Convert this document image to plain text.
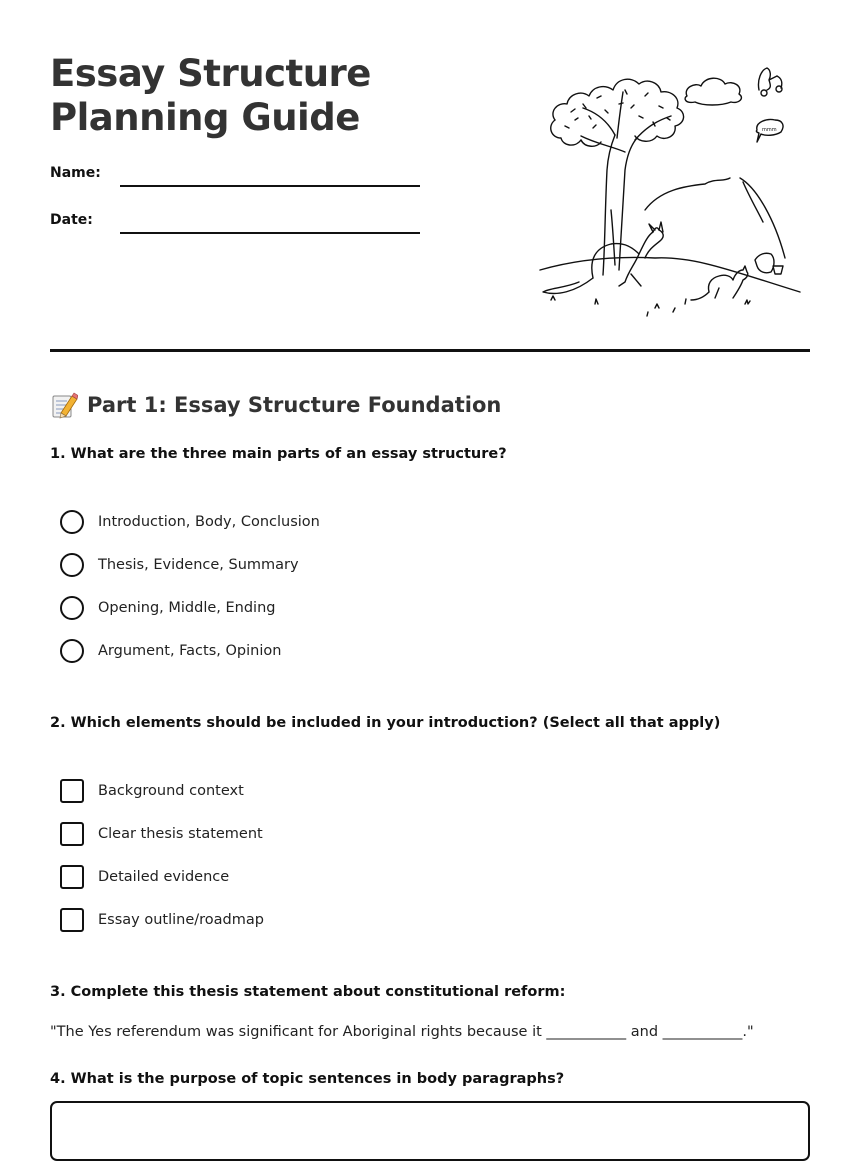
Essay Structure
Planning Guide
Name:
Date:
mmm
Part 1: Essay Structure Foundation
1. What are the three main parts of an essay structure?
Introduction, Body, Conclusion
Thesis, Evidence, Summary
Opening, Middle, Ending
Argument, Facts, Opinion
2. Which elements should be included in your introduction? (Select all that apply)
Background context
Clear thesis statement
Detailed evidence
Essay outline/roadmap
3. Complete this thesis statement about constitutional reform:
"The Yes referendum was significant for Aboriginal rights because it ___________ and ___________."
4. What is the purpose of topic sentences in body paragraphs?
